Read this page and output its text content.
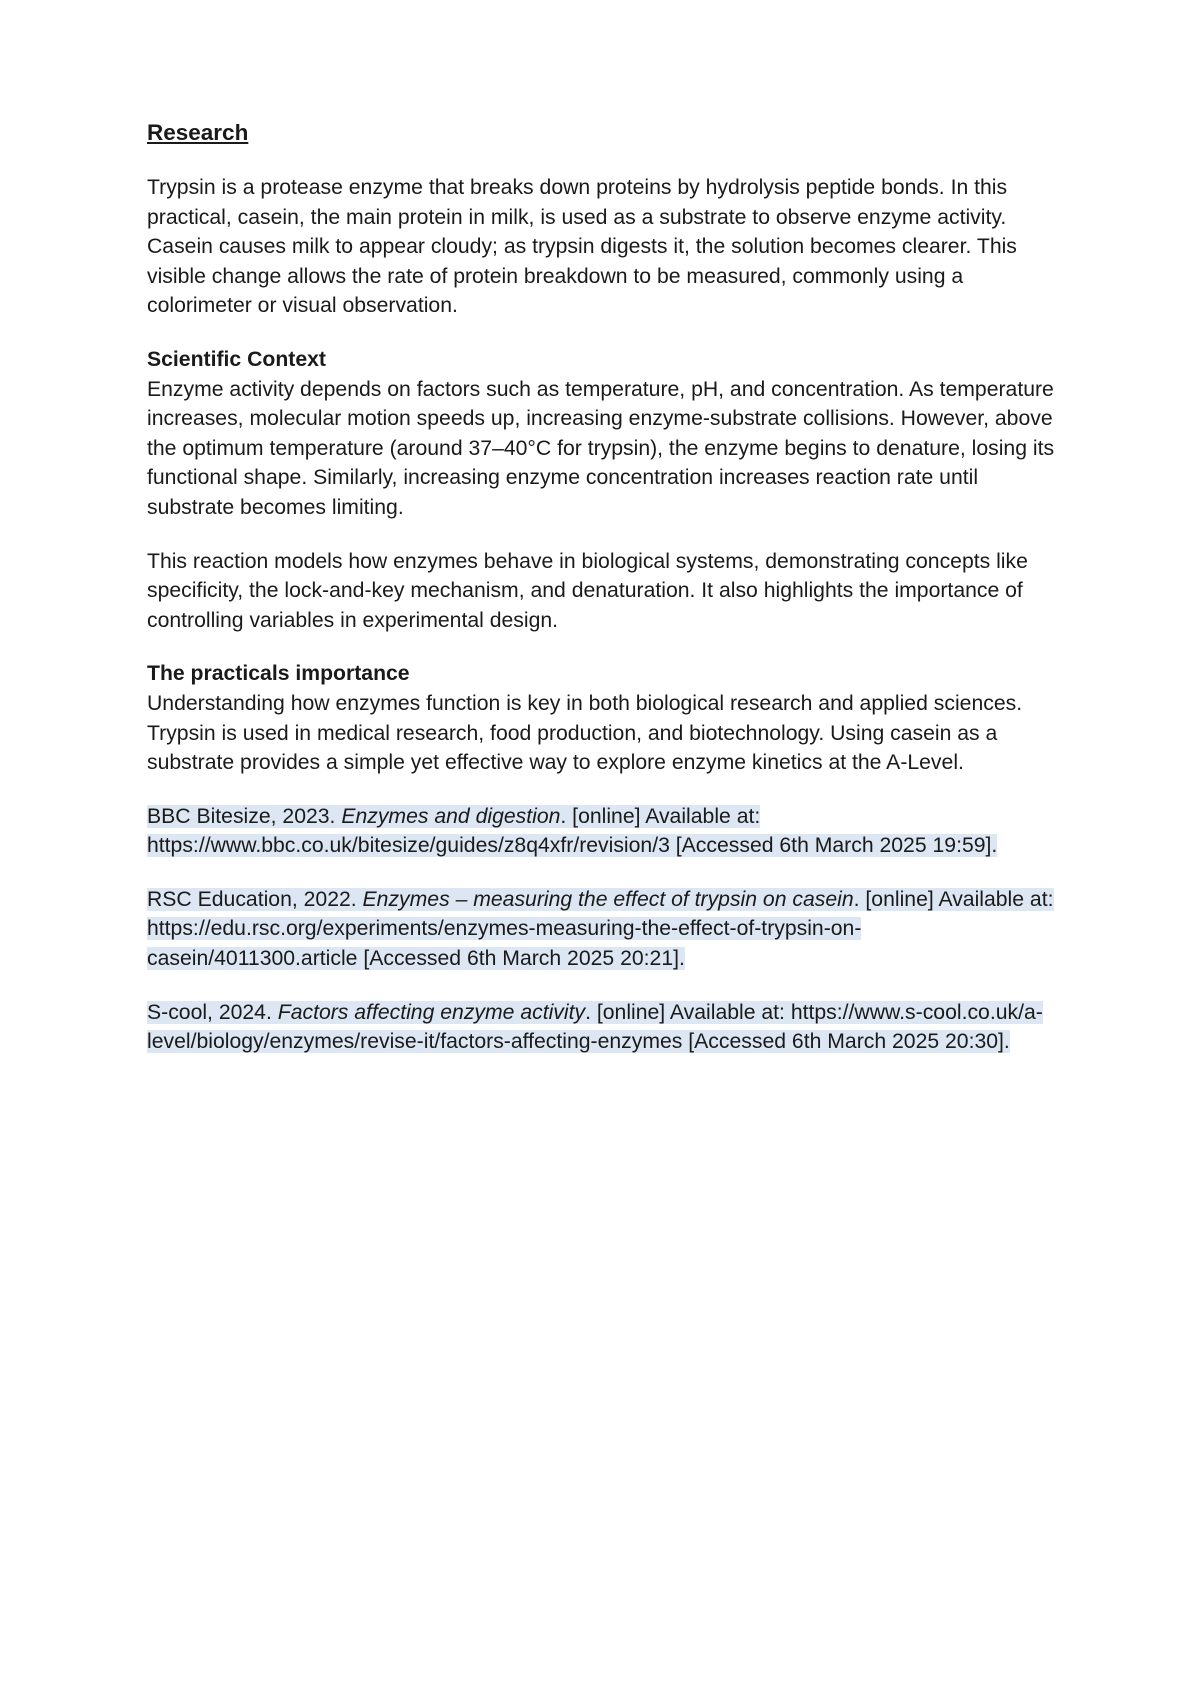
Research

Trypsin is a protease enzyme that breaks down proteins by hydrolysis peptide bonds. In this practical, casein, the main protein in milk, is used as a substrate to observe enzyme activity. Casein causes milk to appear cloudy; as trypsin digests it, the solution becomes clearer. This visible change allows the rate of protein breakdown to be measured, commonly using a colorimeter or visual observation.

Scientific Context
Enzyme activity depends on factors such as temperature, pH, and concentration. As temperature increases, molecular motion speeds up, increasing enzyme-substrate collisions. However, above the optimum temperature (around 37–40°C for trypsin), the enzyme begins to denature, losing its functional shape. Similarly, increasing enzyme concentration increases reaction rate until substrate becomes limiting.

This reaction models how enzymes behave in biological systems, demonstrating concepts like specificity, the lock-and-key mechanism, and denaturation. It also highlights the importance of controlling variables in experimental design.

The practicals importance
Understanding how enzymes function is key in both biological research and applied sciences. Trypsin is used in medical research, food production, and biotechnology. Using casein as a substrate provides a simple yet effective way to explore enzyme kinetics at the A-Level.

BBC Bitesize, 2023. Enzymes and digestion. [online] Available at: https://www.bbc.co.uk/bitesize/guides/z8q4xfr/revision/3 [Accessed 6th March 2025 19:59].

RSC Education, 2022. Enzymes – measuring the effect of trypsin on casein. [online] Available at: https://edu.rsc.org/experiments/enzymes-measuring-the-effect-of-trypsin-on-casein/4011300.article [Accessed 6th March 2025 20:21].

S-cool, 2024. Factors affecting enzyme activity. [online] Available at: https://www.s-cool.co.uk/a-level/biology/enzymes/revise-it/factors-affecting-enzymes [Accessed 6th March 2025 20:30].
